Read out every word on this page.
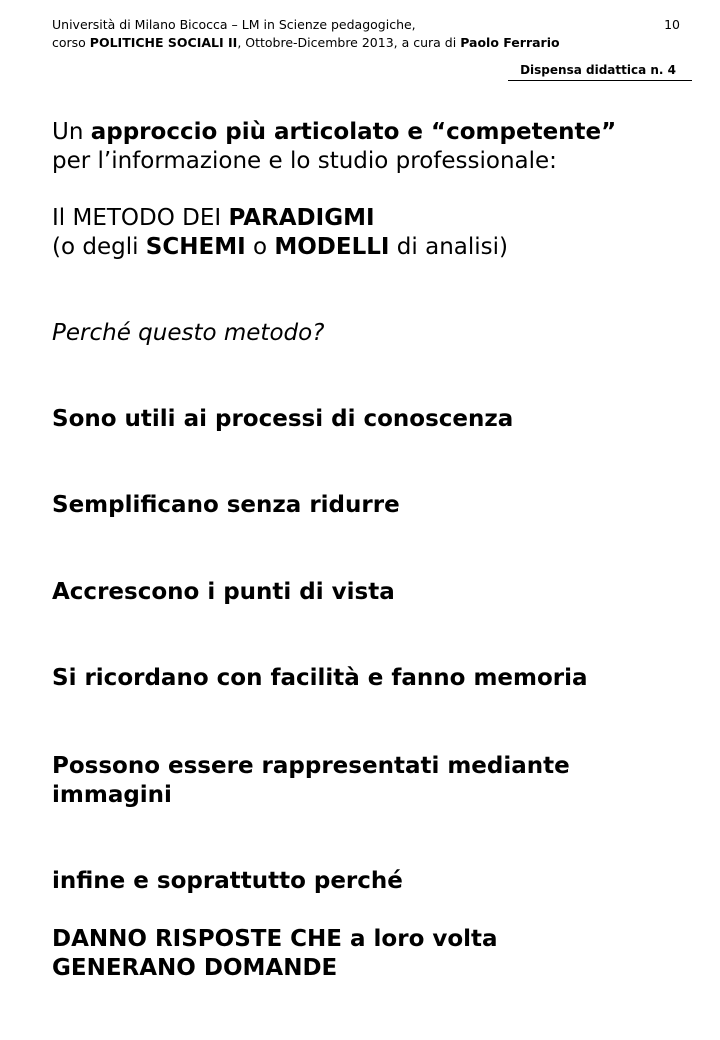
Università di Milano Bicocca – LM in Scienze pedagogiche,
corso POLITICHE SOCIALI II, Ottobre-Dicembre 2013, a cura di Paolo Ferrario
10
Dispensa didattica n. 4
Un approccio più articolato e “competente”
per l’informazione e lo studio professionale:
Il METODO DEI PARADIGMI
(o degli SCHEMI o MODELLI di analisi)
Perché questo metodo?
Sono utili ai processi di conoscenza
Semplificano senza ridurre
Accrescono i punti di vista
Si ricordano con facilità e fanno memoria
Possono essere rappresentati mediante
immagini
infine e soprattutto perché
DANNO RISPOSTE CHE a loro volta
GENERANO DOMANDE
